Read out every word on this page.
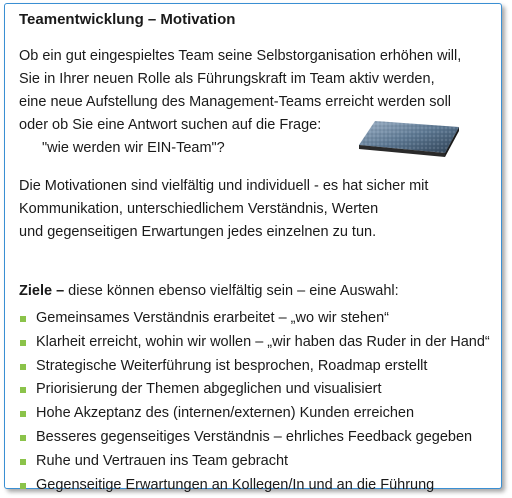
Teamentwicklung – Motivation
Ob ein gut eingespieltes Team seine Selbstorganisation erhöhen will,
Sie in Ihrer neuen Rolle als Führungskraft im Team aktiv werden,
eine neue Aufstellung des Management-Teams erreicht werden soll
oder ob Sie eine Antwort suchen auf die Frage:
"wie werden wir EIN-Team"?
Die Motivationen sind vielfältig und individuell - es hat sicher mit
Kommunikation, unterschiedlichem Verständnis, Werten
und gegenseitigen Erwartungen jedes einzelnen zu tun.
Ziele – diese können ebenso vielfältig sein – eine Auswahl:
Gemeinsames Verständnis erarbeitet – „wo wir stehen“
Klarheit erreicht, wohin wir wollen – „wir haben das Ruder in der Hand“
Strategische Weiterführung ist besprochen, Roadmap erstellt
Priorisierung der Themen abgeglichen und visualisiert
Hohe Akzeptanz des (internen/externen) Kunden erreichen
Besseres gegenseitiges Verständnis – ehrliches Feedback gegeben
Ruhe und Vertrauen ins Team gebracht
Gegenseitige Erwartungen an Kollegen/In und an die Führung
